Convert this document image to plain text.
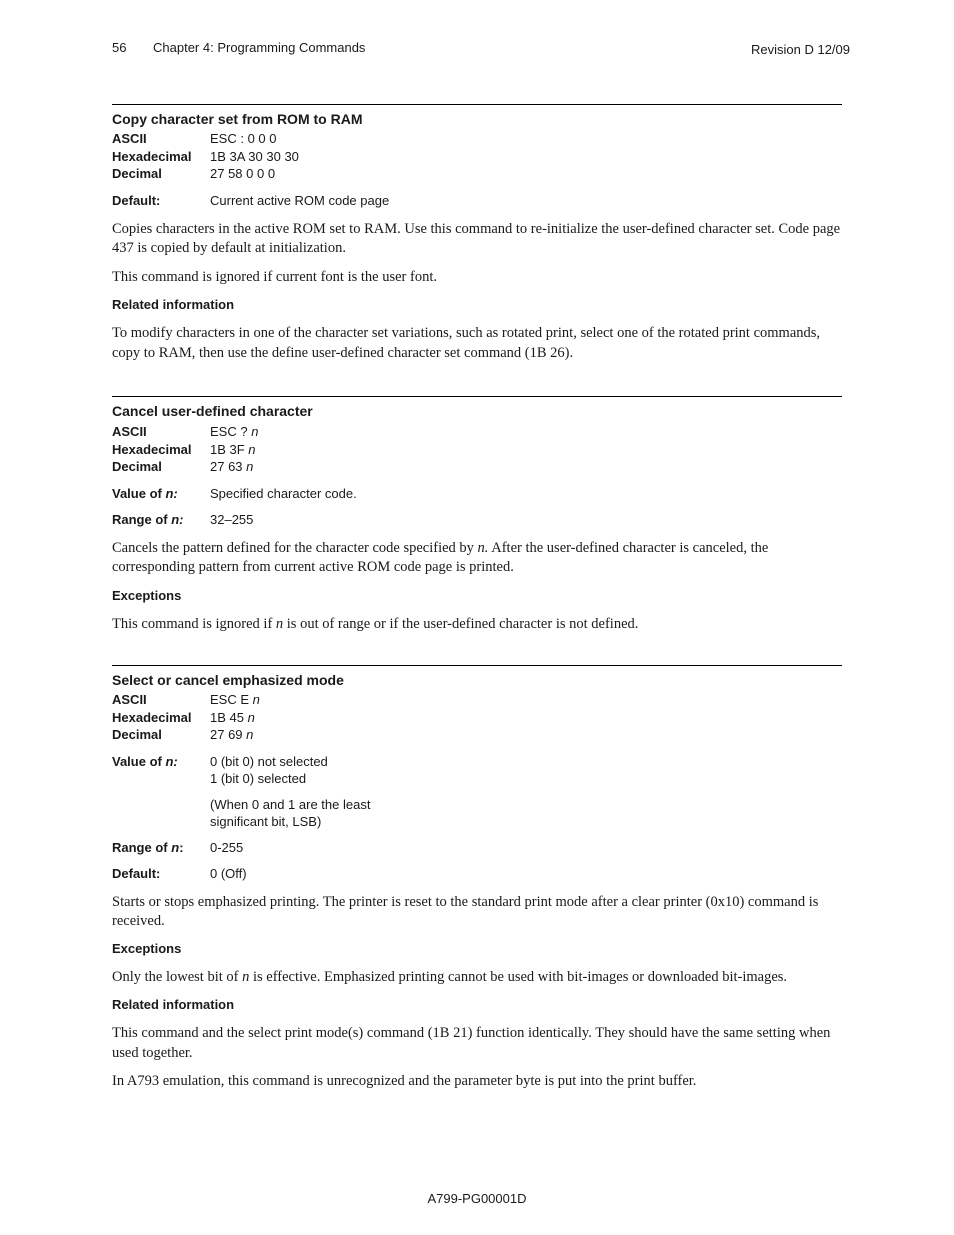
56 Chapter 4: Programming Commands	Revision D 12/09
Copy character set from ROM to RAM
ASCII	ESC : 0 0 0
Hexadecimal	1B 3A 30 30 30
Decimal	27 58 0 0 0
Default:	Current active ROM code page

Copies characters in the active ROM set to RAM. Use this command to re-initialize the user-defined character set. Code page 437 is copied by default at initialization.

This command is ignored if current font is the user font.

Related information

To modify characters in one of the character set variations, such as rotated print, select one of the rotated print commands, copy to RAM, then use the define user-defined character set command (1B 26).

Cancel user-defined character
ASCII	ESC ? n
Hexadecimal	1B 3F n
Decimal	27 63 n
Value of n:	Specified character code.
Range of n:	32–255

Cancels the pattern defined for the character code specified by n. After the user-defined character is canceled, the corresponding pattern from current active ROM code page is printed.

Exceptions

This command is ignored if n is out of range or if the user-defined character is not defined.

Select or cancel emphasized mode
ASCII	ESC E n
Hexadecimal	1B 45 n
Decimal	27 69 n
Value of n:	0 (bit 0) not selected
1 (bit 0) selected
(When 0 and 1 are the least
significant bit, LSB)
Range of n:	0-255
Default:	0 (Off)

Starts or stops emphasized printing. The printer is reset to the standard print mode after a clear printer (0x10) command is received.

Exceptions

Only the lowest bit of n is effective. Emphasized printing cannot be used with bit-images or downloaded bit-images.

Related information

This command and the select print mode(s) command (1B 21) function identically. They should have the same setting when used together.

In A793 emulation, this command is unrecognized and the parameter byte is put into the print buffer.

A799-PG00001D
